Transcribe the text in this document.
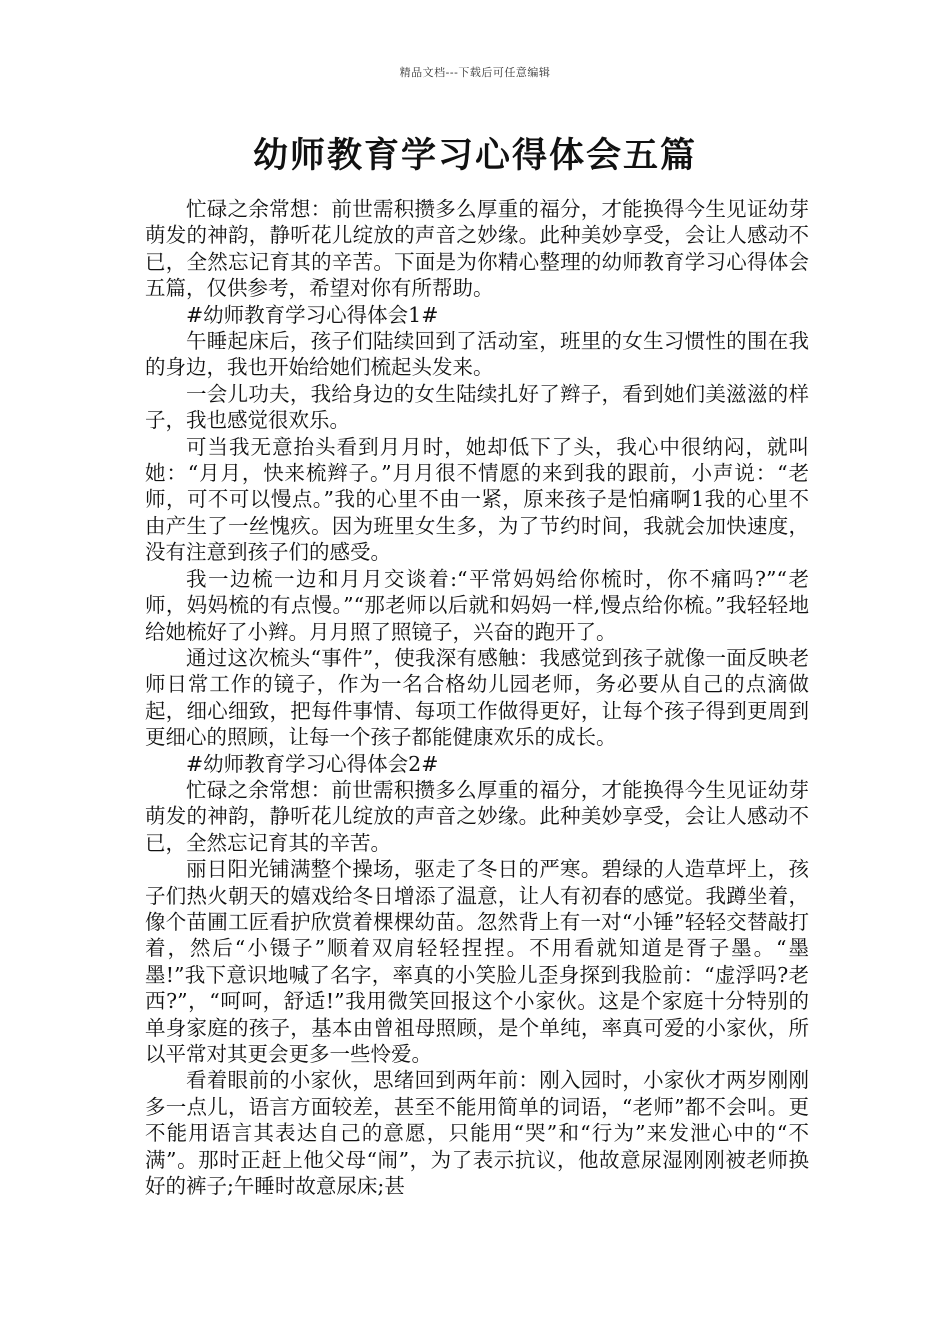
精品文档---下载后可任意编辑
幼师教育学习心得体会五篇

忙碌之余常想：前世需积攒多么厚重的福分，才能换得今生见证幼芽萌发的神韵，静听花儿绽放的声音之妙缘。此种美妙享受，会让人感动不已，全然忘记育其的辛苦。下面是为你精心整理的幼师教育学习心得体会五篇，仅供参考，希望对你有所帮助。

#幼师教育学习心得体会1#

午睡起床后，孩子们陆续回到了活动室，班里的女生习惯性的围在我的身边，我也开始给她们梳起头发来。

一会儿功夫，我给身边的女生陆续扎好了辫子，看到她们美滋滋的样子，我也感觉很欢乐。

可当我无意抬头看到月月时，她却低下了头，我心中很纳闷，就叫她：“月月，快来梳辫子。”月月很不情愿的来到我的跟前，小声说：“老师，可不可以慢点。”我的心里不由一紧，原来孩子是怕痛啊1我的心里不由产生了一丝愧疚。因为班里女生多，为了节约时间，我就会加快速度，没有注意到孩子们的感受。

我一边梳一边和月月交谈着:“平常妈妈给你梳时，你不痛吗?”“老师，妈妈梳的有点慢。”“那老师以后就和妈妈一样,慢点给你梳。”我轻轻地给她梳好了小辫。月月照了照镜子，兴奋的跑开了。

通过这次梳头“事件”，使我深有感触：我感觉到孩子就像一面反映老师日常工作的镜子，作为一名合格幼儿园老师，务必要从自己的点滴做起，细心细致，把每件事情、每项工作做得更好，让每个孩子得到更周到更细心的照顾，让每一个孩子都能健康欢乐的成长。

#幼师教育学习心得体会2#

忙碌之余常想：前世需积攒多么厚重的福分，才能换得今生见证幼芽萌发的神韵，静听花儿绽放的声音之妙缘。此种美妙享受，会让人感动不已，全然忘记育其的辛苦。

丽日阳光铺满整个操场，驱走了冬日的严寒。碧绿的人造草坪上，孩子们热火朝天的嬉戏给冬日增添了温意，让人有初春的感觉。我蹲坐着，像个苗圃工匠看护欣赏着棵棵幼苗。忽然背上有一对“小锤”轻轻交替敲打着，然后“小镊子”顺着双肩轻轻捏捏。不用看就知道是胥子墨。“墨墨!”我下意识地喊了名字，率真的小笑脸儿歪身探到我脸前：“虚浮吗?老西?”，“呵呵，舒适!”我用微笑回报这个小家伙。这是个家庭十分特别的单身家庭的孩子，基本由曾祖母照顾，是个单纯，率真可爱的小家伙，所以平常对其更会更多一些怜爱。

看着眼前的小家伙，思绪回到两年前：刚入园时，小家伙才两岁刚刚多一点儿，语言方面较差，甚至不能用简单的词语，“老师”都不会叫。更不能用语言其表达自己的意愿，只能用“哭”和“行为”来发泄心中的“不满”。那时正赶上他父母“闹”，为了表示抗议，他故意尿湿刚刚被老师换好的裤子;午睡时故意尿床;甚
